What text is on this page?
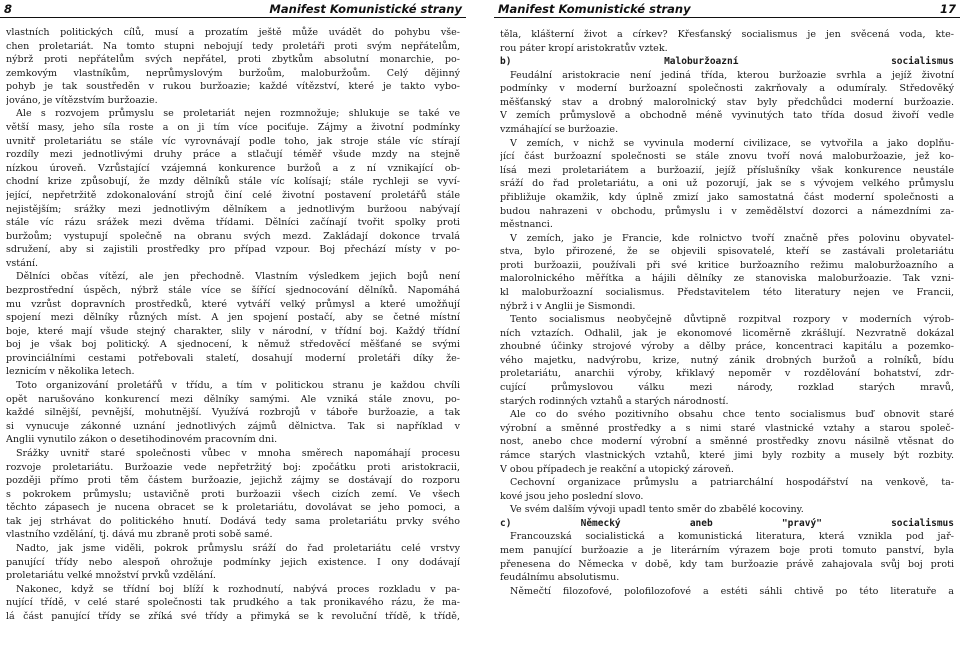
8	Manifest Komunistické strany
vlastních politických cílů, musí a prozatím ještě může uvádět do pohybu vše-
chen proletariát. Na tomto stupni nebojují tedy proletáři proti svým nepřátelům,
nýbrž proti nepřátelům svých nepřátel, proti zbytkům absolutní monarchie, po-
zemkovým vlastníkům, neprůmyslovým buržoům, maloburžoům. Celý dějinný
pohyb je tak soustředěn v rukou buržoazie; každé vítězství, které je takto vybo-
jováno, je vítězstvím buržoazie.
Ale s rozvojem průmyslu se proletariát nejen rozmnožuje; shlukuje se také ve
větší masy, jeho síla roste a on ji tím více pociťuje. Zájmy a životní podmínky
uvnitř proletariátu se stále víc vyrovnávají podle toho, jak stroje stále víc stírají
rozdíly mezi jednotlivými druhy práce a stlačují téměř všude mzdy na stejně
nízkou úroveň. Vzrůstající vzájemná konkurence buržoů a z ní vznikající ob-
chodní krize způsobují, že mzdy dělníků stále víc kolísají; stále rychleji se vyví-
jející, nepřetržitě zdokonalování strojů činí celé životní postavení proletářů stále
nejistějším; srážky mezi jednotlivým dělníkem a jednotlivým buržoou nabývají
stále víc rázu srážek mezi dvěma třídami. Dělníci začínají tvořit spolky proti
buržoům; vystupují společně na obranu svých mezd. Zakládají dokonce trvalá
sdružení, aby si zajistili prostředky pro případ vzpour. Boj přechází místy v po-
vstání.
Dělníci občas vítězí, ale jen přechodně. Vlastním výsledkem jejich bojů není
bezprostřední úspěch, nýbrž stále více se šířící sjednocování dělníků. Napomáhá
mu vzrůst dopravních prostředků, které vytváří velký průmysl a které umožňují
spojení mezi dělníky různých míst. A jen spojení postačí, aby se četné místní
boje, které mají všude stejný charakter, slily v národní, v třídní boj. Každý třídní
boj je však boj politický. A sjednocení, k němuž středověcí měšťané se svými
provinciálními cestami potřebovali staletí, dosahují moderní proletáři díky že-
leznicím v několika letech.
Toto organizování proletářů v třídu, a tím v politickou stranu je každou chvíli
opět narušováno konkurencí mezi dělníky samými. Ale vzniká stále znovu, po-
každé silnější, pevnější, mohutnější. Využívá rozbrojů v táboře buržoazie, a tak
si vynucuje zákonné uznání jednotlivých zájmů dělnictva. Tak si například v
Anglii vynutilo zákon o desetihodinovém pracovním dni.
Srážky uvnitř staré společnosti vůbec v mnoha směrech napomáhají procesu
rozvoje proletariátu. Buržoazie vede nepřetržitý boj: zpočátku proti aristokracii,
později přímo proti těm částem buržoazie, jejichž zájmy se dostávají do rozporu
s pokrokem průmyslu; ustavičně proti buržoazii všech cizích zemí. Ve všech
těchto zápasech je nucena obracet se k proletariátu, dovolávat se jeho pomoci, a
tak jej strhávat do politického hnutí. Dodává tedy sama proletariátu prvky svého
vlastního vzdělání, tj. dává mu zbraně proti sobě samé.
Nadto, jak jsme viděli, pokrok průmyslu sráží do řad proletariátu celé vrstvy
panující třídy nebo alespoň ohrožuje podmínky jejich existence. I ony dodávají
proletariátu velké množství prvků vzdělání.
Nakonec, když se třídní boj blíží k rozhodnutí, nabývá proces rozkladu v pa-
nující třídě, v celé staré společnosti tak prudkého a tak pronikavého rázu, že ma-
lá část panující třídy se zříká své třídy a přimyká se k revoluční třídě, k třídě,
Manifest Komunistické strany	17
těla, klášterní život a církev? Křesťanský socialismus je jen svěcená voda, kte-
rou páter kropí aristokratův vztek.
b) Maloburžoazní socialismus
Feudální aristokracie není jediná třída, kterou buržoazie svrhla a jejíž životní
podmínky v moderní buržoazní společnosti zakrňovaly a odumíraly. Středověký
měšťanský stav a drobný malorolnický stav byly předchůdci moderní buržoazie.
V zemích průmyslově a obchodně méně vyvinutých tato třída dosud živoří vedle
vzmáhající se buržoazie.
V zemích, v nichž se vyvinula moderní civilizace, se vytvořila a jako doplňu-
jící část buržoazní společnosti se stále znovu tvoří nová maloburžoazie, jež ko-
lísá mezi proletariátem a buržoazií, jejíž příslušníky však konkurence neustále
sráží do řad proletariátu, a oni už pozorují, jak se s vývojem velkého průmyslu
přibližuje okamžik, kdy úplně zmizí jako samostatná část moderní společnosti a
budou nahrazeni v obchodu, průmyslu i v zemědělství dozorci a námezdními za-
městnanci.
V zemích, jako je Francie, kde rolnictvo tvoří značně přes polovinu obyvatel-
stva, bylo přirozené, že se objevili spisovatelé, kteří se zastávali proletariátu
proti buržoazii, používali při své kritice buržoazního režimu maloburžoazního a
malorolnického měřítka a hájili dělníky ze stanoviska maloburžoazie. Tak vzni-
kl maloburžoazní socialismus. Představitelem této literatury nejen ve Francii,
nýbrž i v Anglii je Sismondi.
Tento socialismus neobyčejně důvtipně rozpitval rozpory v moderních výrob-
ních vztazích. Odhalil, jak je ekonomové licoměrně zkrášlují. Nezvratně dokázal
zhoubné účinky strojové výroby a dělby práce, koncentraci kapitálu a pozemko-
vého majetku, nadvýrobu, krize, nutný zánik drobných buržoů a rolníků, bídu
proletariátu, anarchii výroby, křiklavý nepoměr v rozdělování bohatství, zdr-
cující průmyslovou válku mezi národy, rozklad starých mravů,
starých rodinných vztahů a starých národností.
Ale co do svého pozitivního obsahu chce tento socialismus buď obnovit staré
výrobní a směnné prostředky a s nimi staré vlastnické vztahy a starou společ-
nost, anebo chce moderní výrobní a směnné prostředky znovu násilně vtěsnat do
rámce starých vlastnických vztahů, které jimi byly rozbity a musely být rozbity.
V obou případech je reakční a utopický zároveň.
Cechovní organizace průmyslu a patriarchální hospodářství na venkově, ta-
kové jsou jeho poslední slovo.
Ve svém dalším vývoji upadl tento směr do zbabělé kocoviny.
c) Německý aneb "pravý" socialismus
Francouzská socialistická a komunistická literatura, která vznikla pod jař-
mem panující buržoazie a je literárním výrazem boje proti tomuto panství, byla
přenesena do Německa v době, kdy tam buržoazie právě zahajovala svůj boj proti
feudálnímu absolutismu.
Němečtí filozofové, polofilozofové a estéti sáhli chtivě po této literatuře a
